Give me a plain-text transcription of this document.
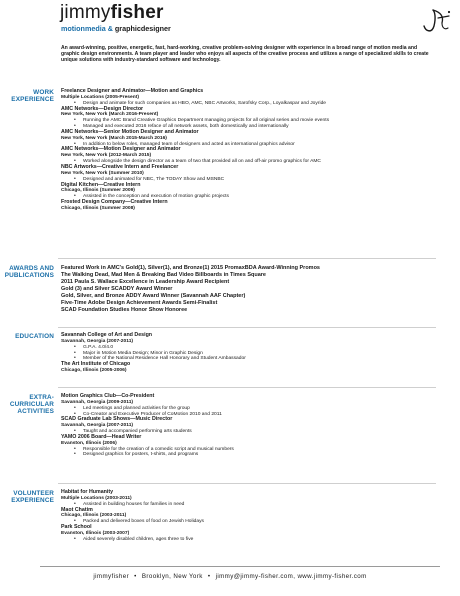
jimmyfisher
motionmedia & graphicdesigner
An award-winning, positive, energetic, fast, hard-working, creative problem-solving designer with experience in a broad range of motion media and graphic design environments. A team player and leader who enjoys all aspects of the creative process and utilizes a range of specialized skills to create unique solutions with industry-standard software and technology.
WORK
EXPERIENCE
Freelance Designer and Animator—Motion and Graphics
Multiple Locations (2005-Present)
• Design and animate for such companies as HBO, AMC, NBC Artworks, Sarofsky Corp., Loyalkaspar and Joyride
AMC Networks—Design Director
New York, New York (March 2016-Present)
• Running the AMC Brand Creative Graphics Department managing projects for all original series and movie events
• Managed and executed 2016 reface of all network assets, both domestically and internationally
AMC Networks—Senior Motion Designer and Animator
New York, New York (March 2015-March 2016)
• In addition to below roles, managed team of designers and acted as international graphics advisor
AMC Networks—Motion Designer and Animator
New York, New York (2012-March 2015)
• Worked alongside the design director as a team of two that provided all on and off-air promo graphics for AMC
NBC Artworks—Creative Intern and Freelancer
New York, New York (Summer 2010)
• Designed and animated for NBC, The TODAY Show and MSNBC
Digital Kitchen—Creative Intern
Chicago, Illinois (Summer 2009)
• Assisted in the conception and execution of motion graphic projects
Frosted Design Company—Creative Intern
Chicago, Illinois (Summer 2008)
AWARDS AND
PUBLICATIONS
Featured Work in AMC's Gold(1), Silver(1), and Bronze(1) 2015 PromaxBDA Award-Winning Promos
The Walking Dead, Mad Men & Breaking Bad Video Billboards in Times Square
2011 Paula S. Wallace Excellence in Leadership Award Recipient
Gold (3) and Silver SCADDY Award Winner
Gold, Silver, and Bronze ADDY Award Winner (Savannah AAF Chapter)
Five-Time Adobe Design Achievement Awards Semi-Finalist
SCAD Foundation Studies Honor Show Honoree
EDUCATION Savannah College of Art and Design
Savannah, Georgia (2007-2011)
• G.P.A. 4.0/4.0
• Major in Motion Media Design; Minor in Graphic Design
• Member of the National Residence Hall Honorary and Student Ambassador
The Art Institute of Chicago
Chicago, Illinois (2005-2006)
EXTRA-
CURRICULAR
ACTIVITIES
Motion Graphics Club—Co-President
Savannah, Georgia (2009-2011)
• Led meetings and planned activities for the group
• Co-Creator and Executive Producer of CoMotion 2010 and 2011
SCAD Graduate Lab Shows—Music Director
Savannah, Georgia (2007-2011)
• Taught and accompanied performing arts students
YAMO 2006 Board—Head Writer
Evanston, Illinois (2006)
• Responsible for the creation of a comedic script and musical numbers
• Designed graphics for posters, t-shirts, and programs
VOLUNTEER
EXPERIENCE
Habitat for Humanity
Multiple Locations (2003-2011)
• Assisted in building houses for families in need
Maot Chatim
Chicago, Illinois (2003-2011)
• Packed and delivered boxes of food on Jewish Holidays
Park School
Evanston, Illinois (2003-2007)
• Aided severely disabled children, ages three to five
jimmyfisher • Brooklyn, New York • jimmy@jimmy-fisher.com, www.jimmy-fisher.com
